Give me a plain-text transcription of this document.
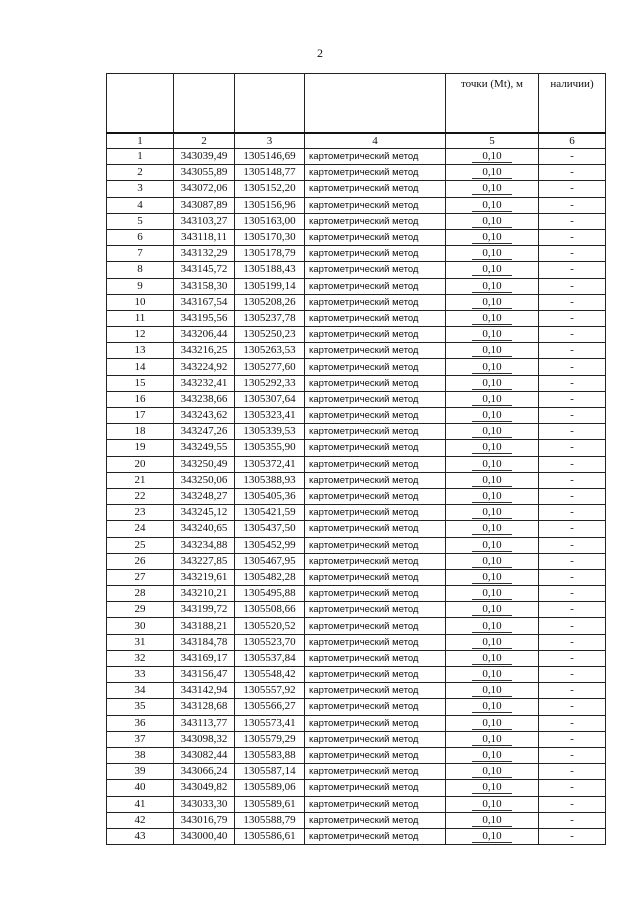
2
				точки (Mt), м	наличии)
1	2	3	4	5	6
1	343039,49	1305146,69	картометрический метод	0,10	-
2	343055,89	1305148,77	картометрический метод	0,10	-
3	343072,06	1305152,20	картометрический метод	0,10	-
4	343087,89	1305156,96	картометрический метод	0,10	-
5	343103,27	1305163,00	картометрический метод	0,10	-
6	343118,11	1305170,30	картометрический метод	0,10	-
7	343132,29	1305178,79	картометрический метод	0,10	-
8	343145,72	1305188,43	картометрический метод	0,10	-
9	343158,30	1305199,14	картометрический метод	0,10	-
10	343167,54	1305208,26	картометрический метод	0,10	-
11	343195,56	1305237,78	картометрический метод	0,10	-
12	343206,44	1305250,23	картометрический метод	0,10	-
13	343216,25	1305263,53	картометрический метод	0,10	-
14	343224,92	1305277,60	картометрический метод	0,10	-
15	343232,41	1305292,33	картометрический метод	0,10	-
16	343238,66	1305307,64	картометрический метод	0,10	-
17	343243,62	1305323,41	картометрический метод	0,10	-
18	343247,26	1305339,53	картометрический метод	0,10	-
19	343249,55	1305355,90	картометрический метод	0,10	-
20	343250,49	1305372,41	картометрический метод	0,10	-
21	343250,06	1305388,93	картометрический метод	0,10	-
22	343248,27	1305405,36	картометрический метод	0,10	-
23	343245,12	1305421,59	картометрический метод	0,10	-
24	343240,65	1305437,50	картометрический метод	0,10	-
25	343234,88	1305452,99	картометрический метод	0,10	-
26	343227,85	1305467,95	картометрический метод	0,10	-
27	343219,61	1305482,28	картометрический метод	0,10	-
28	343210,21	1305495,88	картометрический метод	0,10	-
29	343199,72	1305508,66	картометрический метод	0,10	-
30	343188,21	1305520,52	картометрический метод	0,10	-
31	343184,78	1305523,70	картометрический метод	0,10	-
32	343169,17	1305537,84	картометрический метод	0,10	-
33	343156,47	1305548,42	картометрический метод	0,10	-
34	343142,94	1305557,92	картометрический метод	0,10	-
35	343128,68	1305566,27	картометрический метод	0,10	-
36	343113,77	1305573,41	картометрический метод	0,10	-
37	343098,32	1305579,29	картометрический метод	0,10	-
38	343082,44	1305583,88	картометрический метод	0,10	-
39	343066,24	1305587,14	картометрический метод	0,10	-
40	343049,82	1305589,06	картометрический метод	0,10	-
41	343033,30	1305589,61	картометрический метод	0,10	-
42	343016,79	1305588,79	картометрический метод	0,10	-
43	343000,40	1305586,61	картометрический метод	0,10	-
